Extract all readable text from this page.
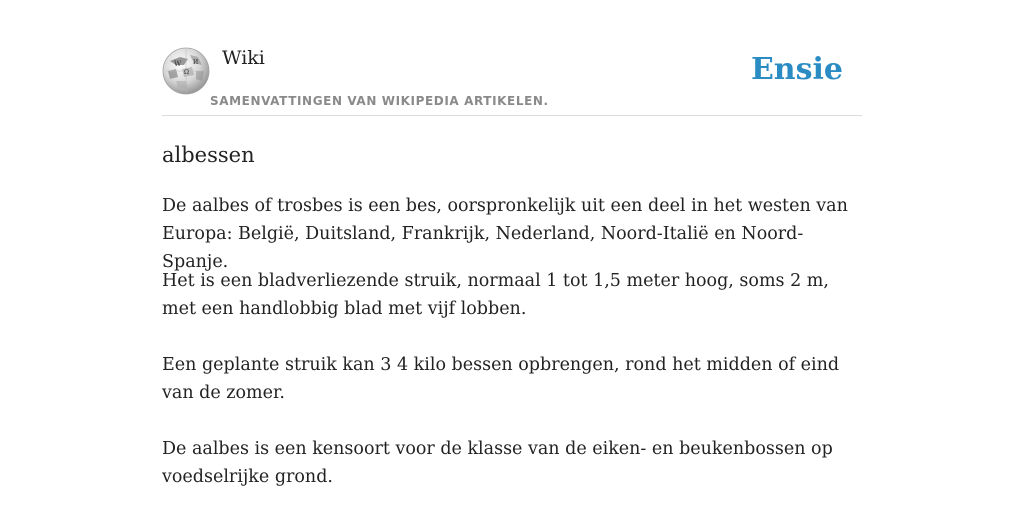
W
Ω
И Wiki
SAMENVATTINGEN VAN WIKIPEDIA ARTIKELEN.
Ensie
albessen

De aalbes of trosbes is een bes, oorspronkelijk uit een deel in het westen van Europa: België, Duitsland, Frankrijk, Nederland, Noord-Italië en Noord-Spanje.

Het is een bladverliezende struik, normaal 1 tot 1,5 meter hoog, soms 2 m, met een handlobbig blad met vijf lobben.

Een geplante struik kan 3 4 kilo bessen opbrengen, rond het midden of eind van de zomer.

De aalbes is een kensoort voor de klasse van de eiken- en beukenbossen op voedselrijke grond.
